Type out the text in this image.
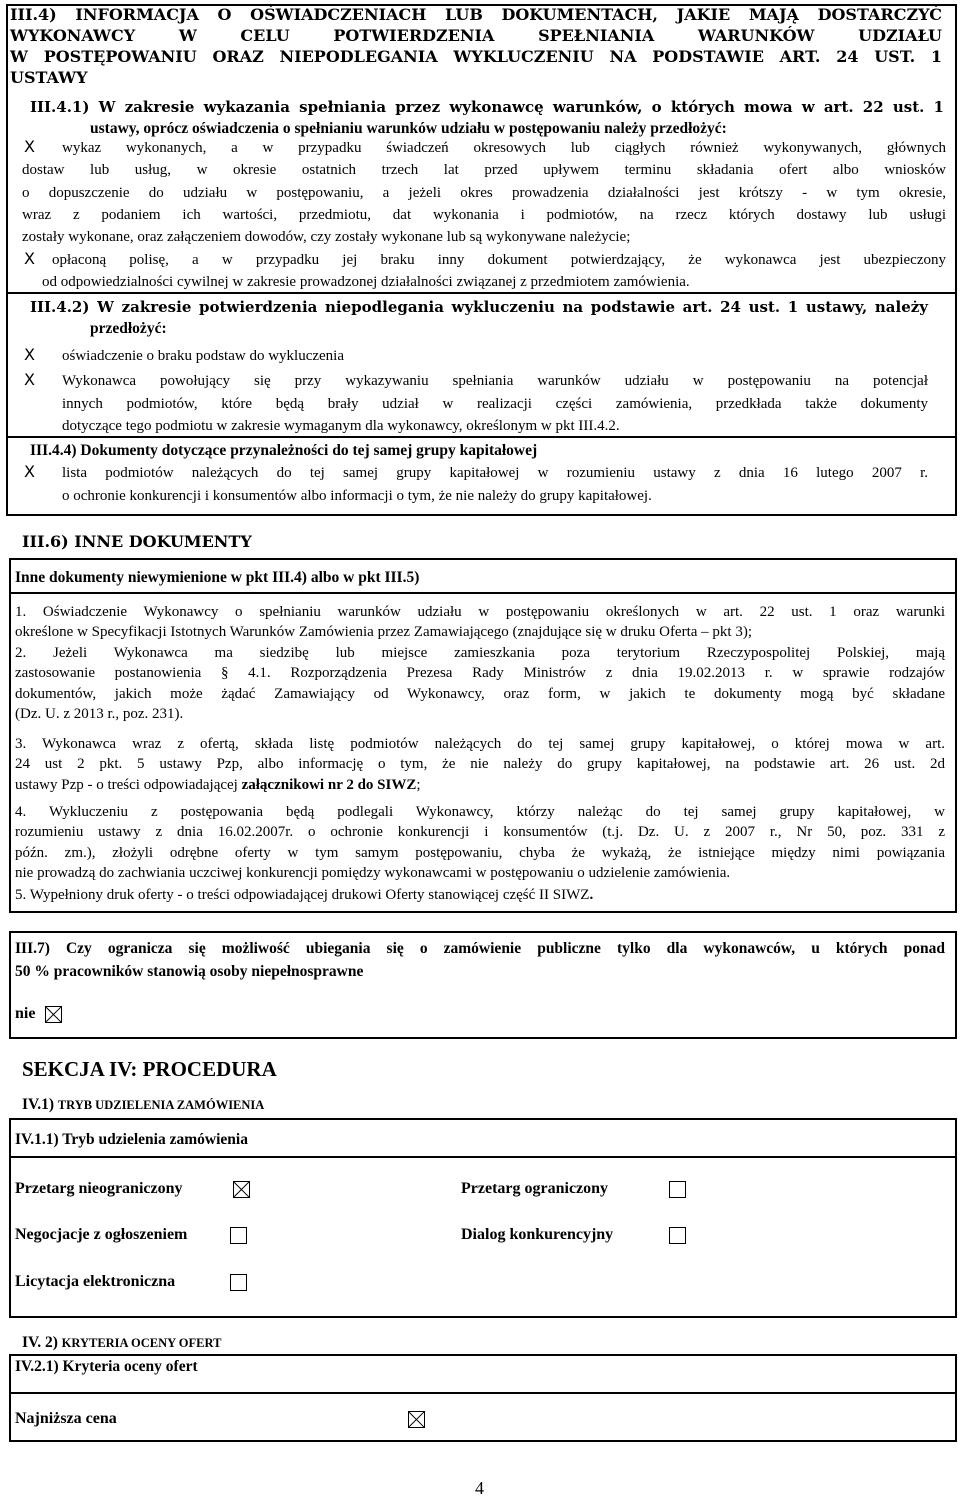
III.4) INFORMACJA O OŚWIADCZENIACH LUB DOKUMENTACH, JAKIE MAJĄ DOSTARCZYĆ
WYKONAWCY W CELU POTWIERDZENIA SPEŁNIANIA WARUNKÓW UDZIAŁU
W POSTĘPOWANIU ORAZ NIEPODLEGANIA WYKLUCZENIU NA PODSTAWIE ART. 24 UST. 1
USTAWY
III.4.1) W zakresie wykazania spełniania przez wykonawcę warunków, o których mowa w art. 22 ust. 1
ustawy, oprócz oświadczenia o spełnianiu warunków udziału w postępowaniu należy przedłożyć:
X wykaz wykonanych, a w przypadku świadczeń okresowych lub ciągłych również wykonywanych, głównych
dostaw lub usług, w okresie ostatnich trzech lat przed upływem terminu składania ofert albo wniosków
o dopuszczenie do udziału w postępowaniu, a jeżeli okres prowadzenia działalności jest krótszy - w tym okresie,
wraz z podaniem ich wartości, przedmiotu, dat wykonania i podmiotów, na rzecz których dostawy lub usługi
zostały wykonane, oraz załączeniem dowodów, czy zostały wykonane lub są wykonywane należycie;
X opłaconą polisę, a w przypadku jej braku inny dokument potwierdzający, że wykonawca jest ubezpieczony
od odpowiedzialności cywilnej w zakresie prowadzonej działalności związanej z przedmiotem zamówienia.
III.4.2) W zakresie potwierdzenia niepodlegania wykluczeniu na podstawie art. 24 ust. 1 ustawy, należy
przedłożyć:
X oświadczenie o braku podstaw do wykluczenia
X Wykonawca powołujący się przy wykazywaniu spełniania warunków udziału w postępowaniu na potencjał
innych podmiotów, które będą brały udział w realizacji części zamówienia, przedkłada także dokumenty
dotyczące tego podmiotu w zakresie wymaganym dla wykonawcy, określonym w pkt III.4.2.
III.4.4) Dokumenty dotyczące przynależności do tej samej grupy kapitałowej
X lista podmiotów należących do tej samej grupy kapitałowej w rozumieniu ustawy z dnia 16 lutego 2007 r.
o ochronie konkurencji i konsumentów albo informacji o tym, że nie należy do grupy kapitałowej.
III.6) INNE DOKUMENTY
Inne dokumenty niewymienione w pkt III.4) albo w pkt III.5)
1. Oświadczenie Wykonawcy o spełnianiu warunków udziału w postępowaniu określonych w art. 22 ust. 1 oraz warunki
określone w Specyfikacji Istotnych Warunków Zamówienia przez Zamawiającego (znajdujące się w druku Oferta – pkt 3);
2. Jeżeli Wykonawca ma siedzibę lub miejsce zamieszkania poza terytorium Rzeczypospolitej Polskiej, mają
zastosowanie postanowienia § 4.1. Rozporządzenia Prezesa Rady Ministrów z dnia 19.02.2013 r. w sprawie rodzajów
dokumentów, jakich może żądać Zamawiający od Wykonawcy, oraz form, w jakich te dokumenty mogą być składane
(Dz. U. z 2013 r., poz. 231).
3. Wykonawca wraz z ofertą, składa listę podmiotów należących do tej samej grupy kapitałowej, o której mowa w art.
24 ust 2 pkt. 5 ustawy Pzp, albo informację o tym, że nie należy do grupy kapitałowej, na podstawie art. 26 ust. 2d
ustawy Pzp - o treści odpowiadającej załącznikowi nr 2 do SIWZ;
4. Wykluczeniu z postępowania będą podlegali Wykonawcy, którzy należąc do tej samej grupy kapitałowej, w
rozumieniu ustawy z dnia 16.02.2007r. o ochronie konkurencji i konsumentów (t.j. Dz. U. z 2007 r., Nr 50, poz. 331 z
późn. zm.), złożyli odrębne oferty w tym samym postępowaniu, chyba że wykażą, że istniejące między nimi powiązania
nie prowadzą do zachwiania uczciwej konkurencji pomiędzy wykonawcami w postępowaniu o udzielenie zamówienia.
5. Wypełniony druk oferty - o treści odpowiadającej drukowi Oferty stanowiącej część II SIWZ.
III.7) Czy ogranicza się możliwość ubiegania się o zamówienie publiczne tylko dla wykonawców, u których ponad
50 % pracowników stanowią osoby niepełnosprawne
nie
SEKCJA IV: PROCEDURA
IV.1) TRYB UDZIELENIA ZAMÓWIENIA
IV.1.1) Tryb udzielenia zamówienia
Przetarg nieograniczony	Przetarg ograniczony
Negocjacje z ogłoszeniem	Dialog konkurencyjny
Licytacja elektroniczna
IV. 2) KRYTERIA OCENY OFERT
IV.2.1) Kryteria oceny ofert
Najniższa cena
4
